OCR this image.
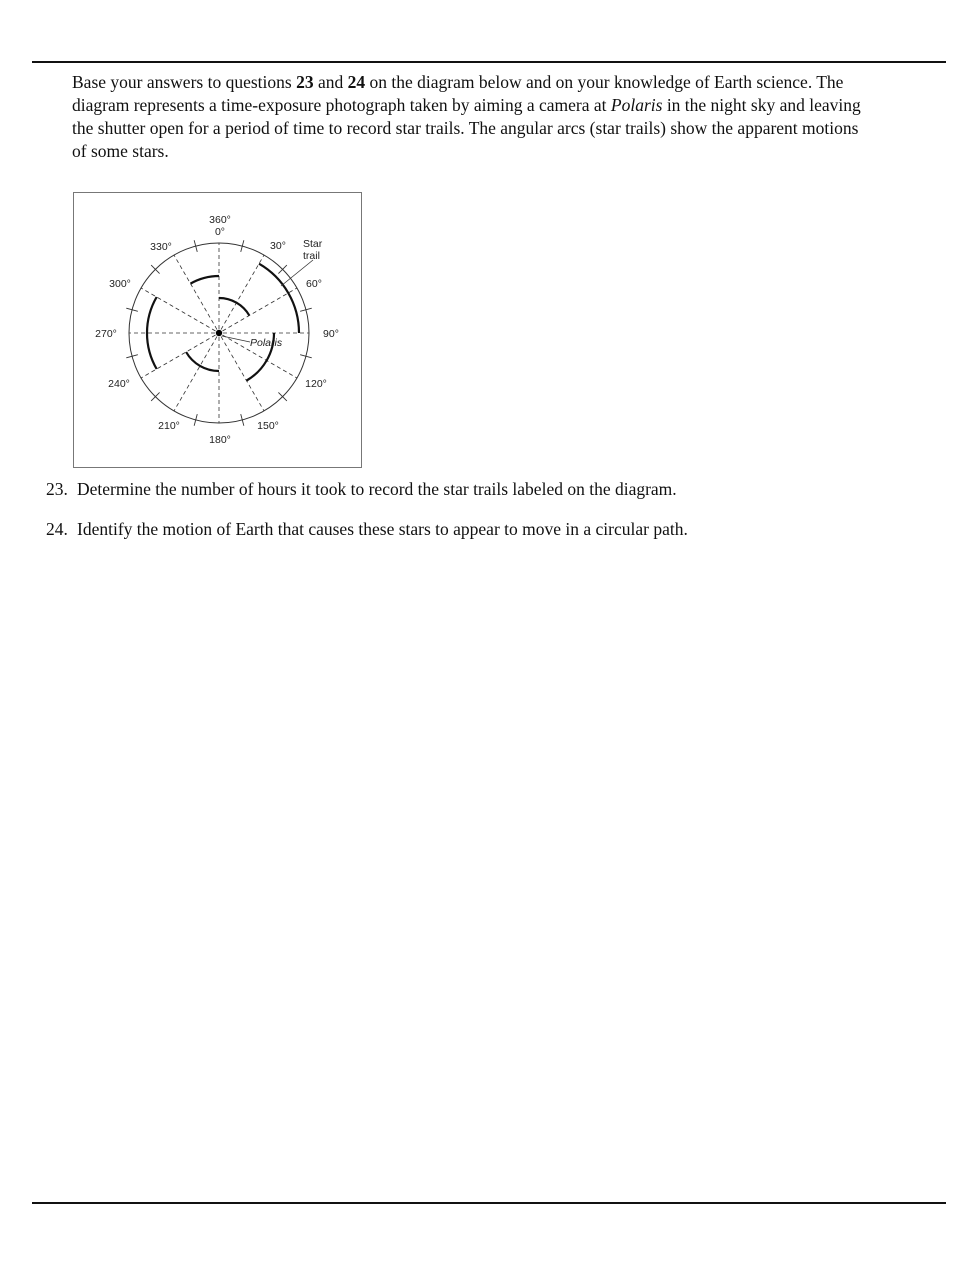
Base your answers to questions 23 and 24 on the diagram below and on your knowledge of Earth science. The diagram represents a time-exposure photograph taken by aiming a camera at Polaris in the night sky and leaving the shutter open for a period of time to record star trails. The angular arcs (star trails) show the apparent motions of some stars.

360°
0°
30°
60°
90°
120°
150°
180°
210°
240°
270°
300°
330°	Star
trail
Polaris

23. Determine the number of hours it took to record the star trails labeled on the diagram.

24. Identify the motion of Earth that causes these stars to appear to move in a circular path.
